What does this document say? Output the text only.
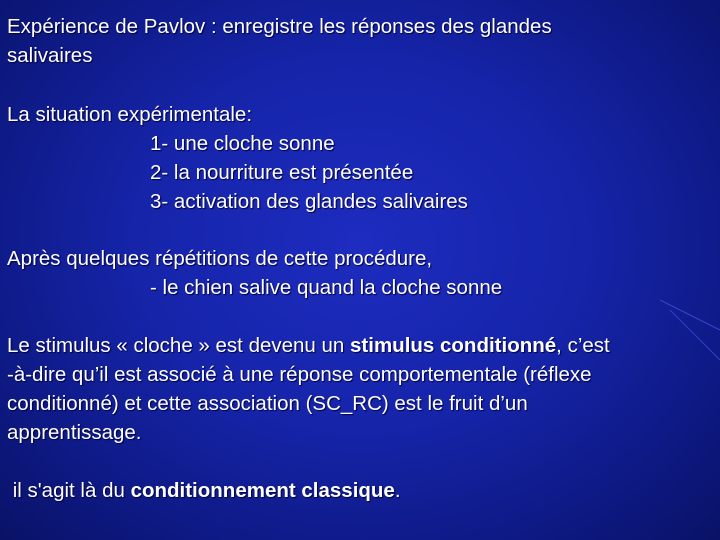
Expérience de Pavlov : enregistre les réponses des glandes
salivaires
La situation expérimentale:
1- une cloche sonne
2- la nourriture est présentée
3- activation des glandes salivaires
Après quelques répétitions de cette procédure,
- le chien salive quand la cloche sonne
Le stimulus « cloche » est devenu un stimulus conditionné, c’est
-à-dire qu’il est associé à une réponse comportementale (réflexe
conditionné) et cette association (SC_RC) est le fruit d’un
apprentissage.
il s'agit là du conditionnement classique.
